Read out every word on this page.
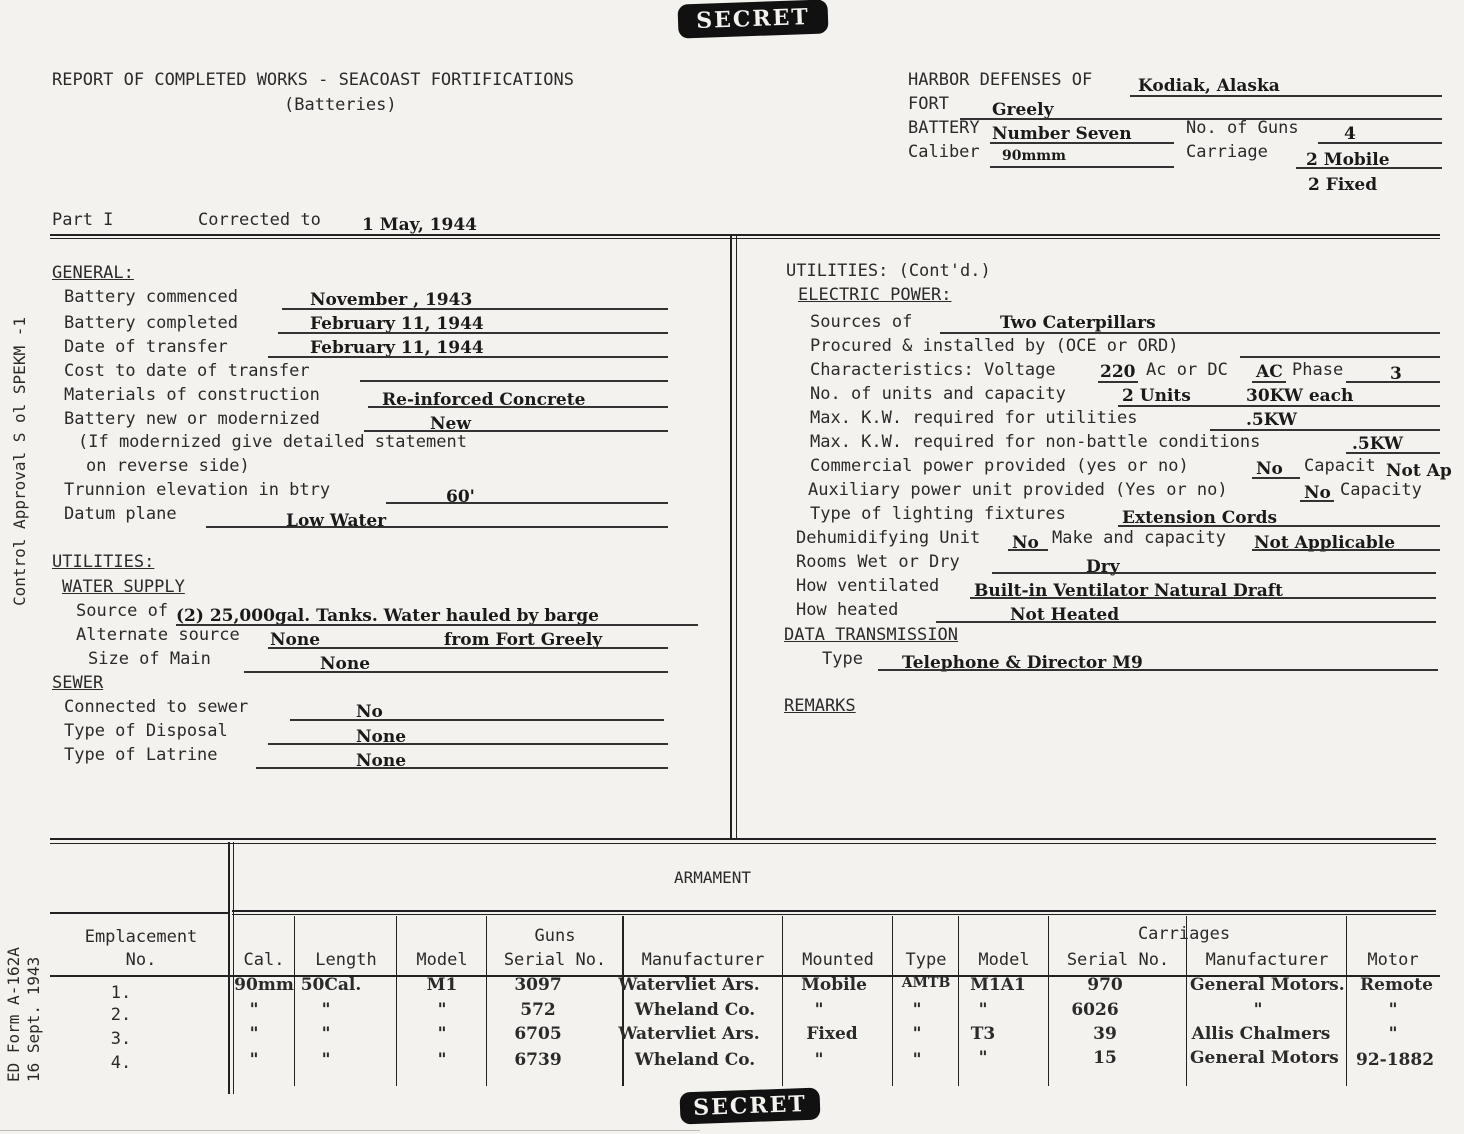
SECRET
SECRET
Control Approval S ol SPEKM -1
ED Form A-162A 16 Sept. 1943
REPORT OF COMPLETED WORKS - SEACOAST FORTIFICATIONS
(Batteries)
HARBOR DEFENSES OF	Kodiak, Alaska
FORT	Greely
BATTERY Number Seven	No. of Guns	4
Caliber 90mmm	Carriage 2 Mobile
2 Fixed
Part I	Corrected to 1 May, 1944
GENERAL:
Battery commenced	November , 1943
Battery completed	February 11, 1944
Date of transfer	February 11, 1944
Cost to date of transfer
Materials of construction	Re-inforced Concrete
Battery new or modernized	New
(If modernized give detailed statement
on reverse side)
Trunnion elevation in btry	60'
Datum plane	Low Water
UTILITIES:
WATER SUPPLY
Source of (2) 25,000gal. Tanks. Water hauled by barge
Alternate source None	from Fort Greely
Size of Main	None
SEWER
Connected to sewer	No
Type of Disposal	None
Type of Latrine	None
UTILITIES: (Cont'd.)
ELECTRIC POWER:
Sources of	Two Caterpillars
Procured & installed by (OCE or ORD)
Characteristics: Voltage	220 Ac or DC AC Phase	3
No. of units and capacity	2 Units	30KW each
Max. K.W. required for utilities	.5KW
Max. K.W. required for non-battle conditions	.5KW
Commercial power provided (yes or no)	No Capacit Not Ap
Auxiliary power unit provided (Yes or no)	No Capacity
Type of lighting fixtures	Extension Cords
Dehumidifying Unit No Make and capacity Not Applicable
Rooms Wet or Dry	Dry
How ventilated Built-in Ventilator Natural Draft
How heated	Not Heated
DATA TRANSMISSION
Type Telephone & Director M9
REMARKS
ARMAMENT
Emplacement
No.
Guns	Carriages
Cal.	Length	Model	Serial No.	Manufacturer	Mounted	Type	Model	Serial No.	Manufacturer	Motor
1.	90mm 50Cal.	M1	3097	Watervliet Ars.	Mobile	AMTB	M1A1	970	General Motors. Remote
2.	"	"	"	572	Wheland Co.	"	"	"	6026	"	"
3.	"	"	"	6705	Watervliet Ars.	Fixed	"	T3	39	Allis Chalmers	"
4.	"	"	"	6739	Wheland Co.	"	"	"	15	General Motors 92-1882
